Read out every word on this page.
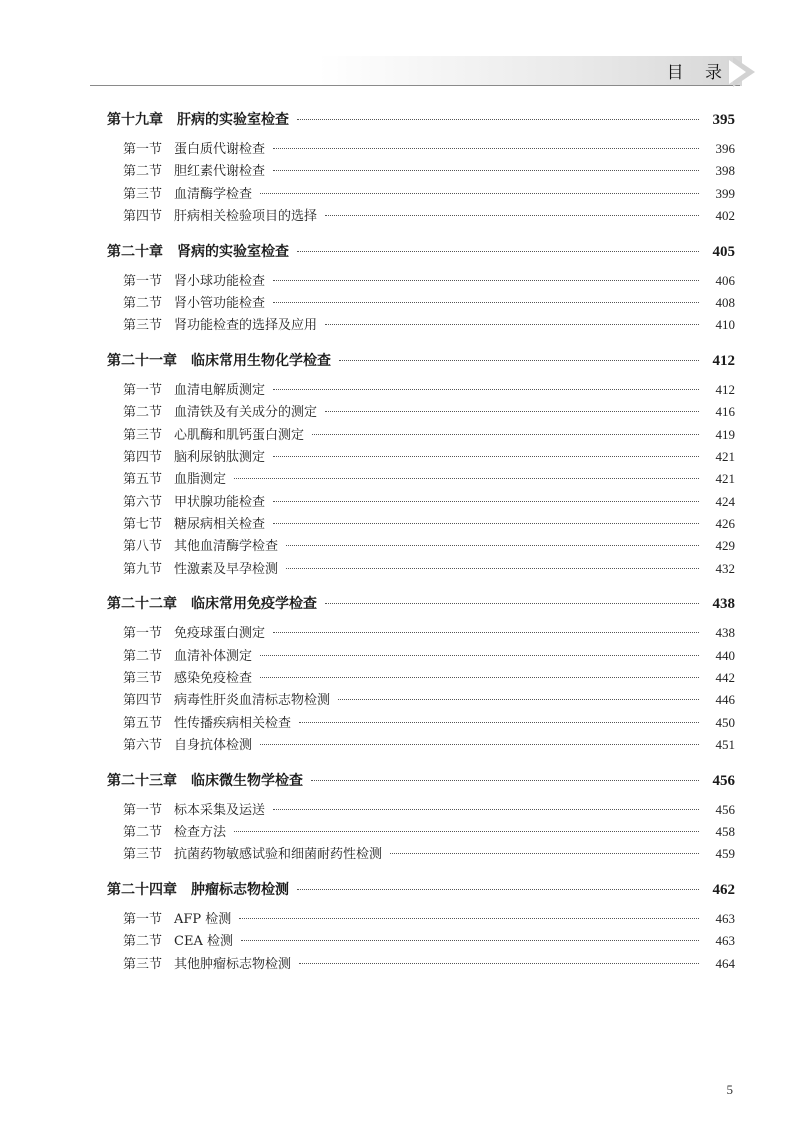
目 录
第十九章 肝病的实验室检查	395
第一节 蛋白质代谢检查	396
第二节 胆红素代谢检查	398
第三节 血清酶学检查	399
第四节 肝病相关检验项目的选择	402
第二十章 肾病的实验室检查	405
第一节 肾小球功能检查	406
第二节 肾小管功能检查	408
第三节 肾功能检查的选择及应用	410
第二十一章 临床常用生物化学检查	412
第一节 血清电解质测定	412
第二节 血清铁及有关成分的测定	416
第三节 心肌酶和肌钙蛋白测定	419
第四节 脑利尿钠肽测定	421
第五节 血脂测定	421
第六节 甲状腺功能检查	424
第七节 糖尿病相关检查	426
第八节 其他血清酶学检查	429
第九节 性激素及早孕检测	432
第二十二章 临床常用免疫学检查	438
第一节 免疫球蛋白测定	438
第二节 血清补体测定	440
第三节 感染免疫检查	442
第四节 病毒性肝炎血清标志物检测	446
第五节 性传播疾病相关检查	450
第六节 自身抗体检测	451
第二十三章 临床微生物学检查	456
第一节 标本采集及运送	456
第二节 检查方法	458
第三节 抗菌药物敏感试验和细菌耐药性检测	459
第二十四章 肿瘤标志物检测	462
第一节 AFP 检测	463
第二节 CEA 检测	463
第三节 其他肿瘤标志物检测	464
5
